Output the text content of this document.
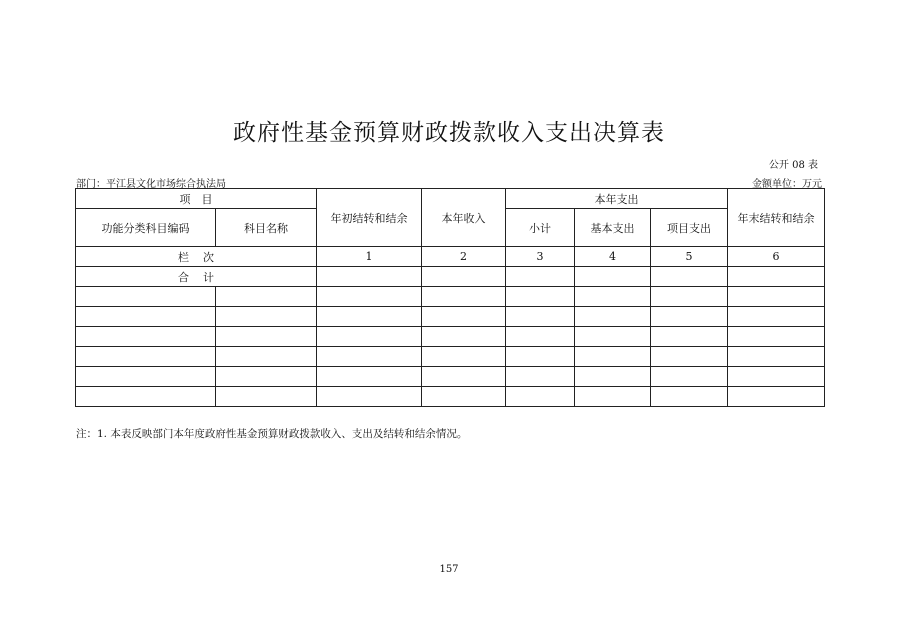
政府性基金预算财政拨款收入支出决算表
公开 08 表
部门：平江县文化市场综合执法局	金额单位：万元
项　目		年初结转和结余	本年收入	本年支出			年末结转和结余
功能分类科目编码	科目名称			小计	基本支出	项目支出	
栏次		1	2	3	4	5	6
合计							

注：1. 本表反映部门本年度政府性基金预算财政拨款收入、支出及结转和结余情况。
157
